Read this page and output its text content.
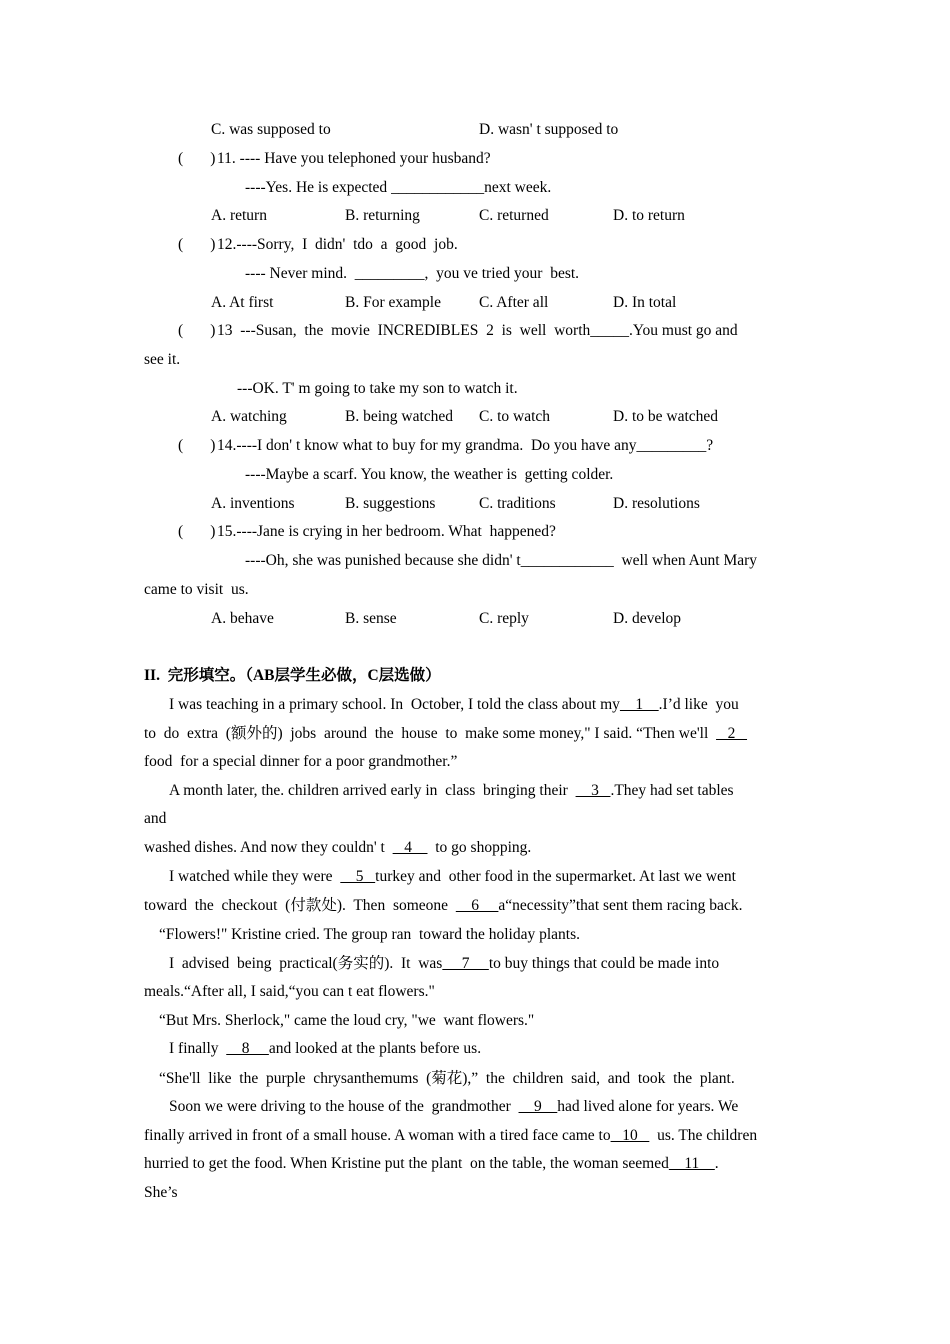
C. was supposed to	D. wasn' t supposed to
(       ) 11. ---- Have you telephoned your husband?
----Yes. He is expected ____________next week.
A. return	B. returning	C. returned	D. to return
(       ) 12.----Sorry,  I  didn'  tdo  a  good  job.
---- Never mind.  _________,  you ve tried your  best.
A. At first	B. For example C. After all	D. In total
(       ) 13  ---Susan,  the  movie  INCREDIBLES  2  is  well  worth_____.You must go and
see it.
---OK. T' m going to take my son to watch it.
A. watching	B. being watched C. to watch	D. to be watched
(       ) 14.----I don' t know what to buy for my grandma.  Do you have any_________?
----Maybe a scarf. You know, the weather is  getting colder.
A. inventions	B. suggestions	C. traditions	D. resolutions
(       ) 15.----Jane is crying in her bedroom. What  happened?
----Oh, she was punished because she didn' t____________  well when Aunt Mary
came to visit  us.
A. behave	B. sense	C. reply	D. develop
II.  完形填空。（AB层学生必做，C层选做）
I was teaching in a primary school. In  October, I told the class about my    1    .I’d like  you
to  do  extra  (额外的)  jobs  around  the  house  to  make some money," I said. “Then we'll     2
food  for a special dinner for a poor grandmother.”
A month later, the. children arrived early in  class  bringing their      3   .They had set tables
and
washed dishes. And now they couldn' t     4      to go shopping.
I watched while they were      5   turkey and  other food in the supermarket. At last we went
toward  the  checkout  (付款处).  Then  someone      6     a“necessity”that sent them racing back.
“Flowers!" Kristine cried. The group ran  toward the holiday plants.
I  advised  being  practical(务实的).  It  was     7     to buy things that could be made into
meals.“After all, I said,“you can t eat flowers."
“But Mrs. Sherlock," came the loud cry, "we  want flowers."
I finally      8     and looked at the plants before us.
“She'll  like  the  purple  chrysanthemums  (菊花),”  the  children  said,  and  took  the  plant.
Soon we were driving to the house of the  grandmother      9    had lived alone for years. We
finally arrived in front of a small house. A woman with a tired face came to   10     us. The children
hurried to get the food. When Kristine put the plant  on the table, the woman seemed    11    .
She’s
